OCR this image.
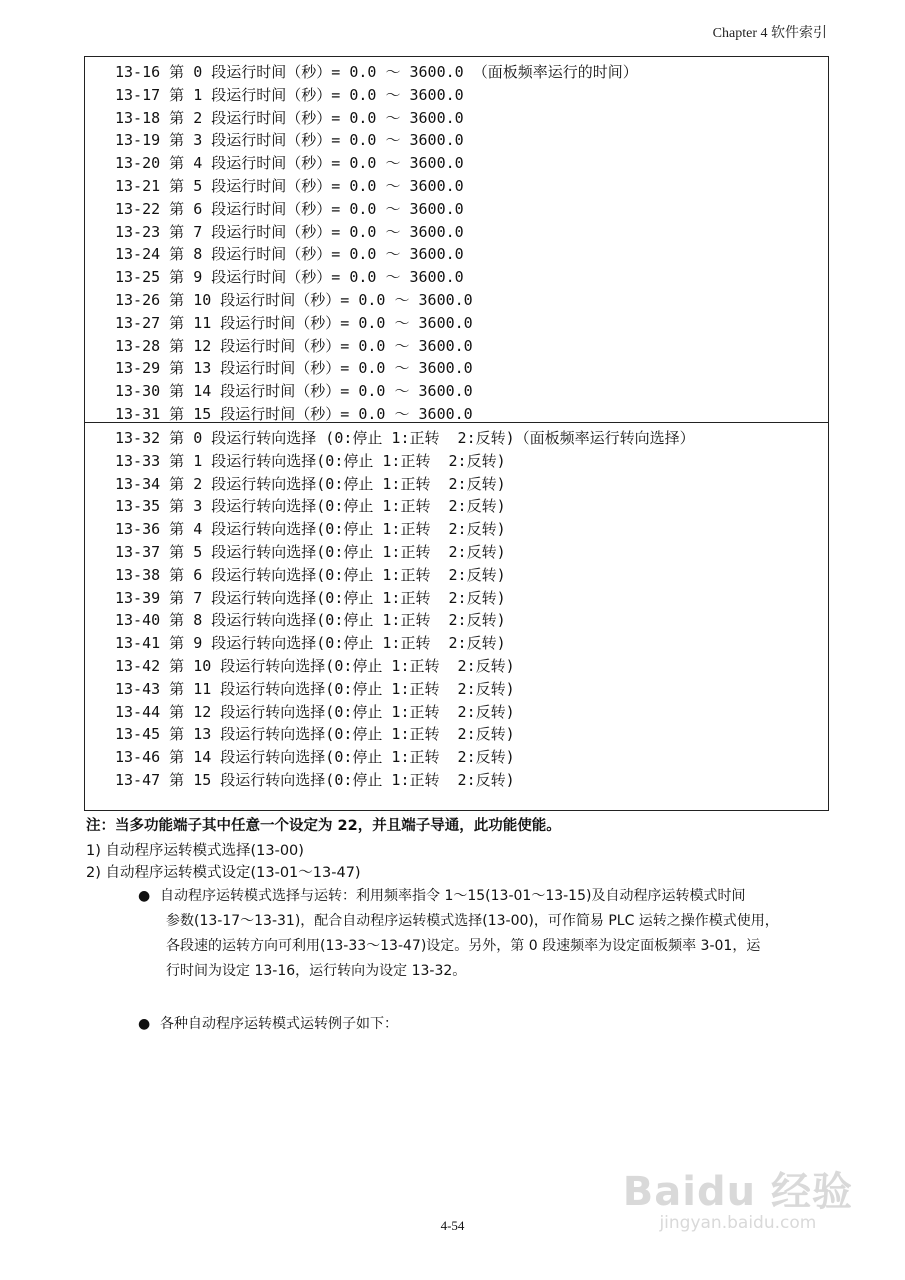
Chapter 4 软件索引
13-16 第 0 段运行时间（秒）= 0.0 ～ 3600.0 （面板频率运行的时间）
13-17 第 1 段运行时间（秒）= 0.0 ～ 3600.0
13-18 第 2 段运行时间（秒）= 0.0 ～ 3600.0
13-19 第 3 段运行时间（秒）= 0.0 ～ 3600.0
13-20 第 4 段运行时间（秒）= 0.0 ～ 3600.0
13-21 第 5 段运行时间（秒）= 0.0 ～ 3600.0
13-22 第 6 段运行时间（秒）= 0.0 ～ 3600.0
13-23 第 7 段运行时间（秒）= 0.0 ～ 3600.0
13-24 第 8 段运行时间（秒）= 0.0 ～ 3600.0
13-25 第 9 段运行时间（秒）= 0.0 ～ 3600.0
13-26 第 10 段运行时间（秒）= 0.0 ～ 3600.0
13-27 第 11 段运行时间（秒）= 0.0 ～ 3600.0
13-28 第 12 段运行时间（秒）= 0.0 ～ 3600.0
13-29 第 13 段运行时间（秒）= 0.0 ～ 3600.0
13-30 第 14 段运行时间（秒）= 0.0 ～ 3600.0
13-31 第 15 段运行时间（秒）= 0.0 ～ 3600.0
13-32 第 0 段运行转向选择 (0:停止 1:正转  2:反转)（面板频率运行转向选择）
13-33 第 1 段运行转向选择(0:停止 1:正转  2:反转)
13-34 第 2 段运行转向选择(0:停止 1:正转  2:反转)
13-35 第 3 段运行转向选择(0:停止 1:正转  2:反转)
13-36 第 4 段运行转向选择(0:停止 1:正转  2:反转)
13-37 第 5 段运行转向选择(0:停止 1:正转  2:反转)
13-38 第 6 段运行转向选择(0:停止 1:正转  2:反转)
13-39 第 7 段运行转向选择(0:停止 1:正转  2:反转)
13-40 第 8 段运行转向选择(0:停止 1:正转  2:反转)
13-41 第 9 段运行转向选择(0:停止 1:正转  2:反转)
13-42 第 10 段运行转向选择(0:停止 1:正转  2:反转)
13-43 第 11 段运行转向选择(0:停止 1:正转  2:反转)
13-44 第 12 段运行转向选择(0:停止 1:正转  2:反转)
13-45 第 13 段运行转向选择(0:停止 1:正转  2:反转)
13-46 第 14 段运行转向选择(0:停止 1:正转  2:反转)
13-47 第 15 段运行转向选择(0:停止 1:正转  2:反转)
注：当多功能端子其中任意一个设定为 22，并且端子导通，此功能使能。
1) 自动程序运转模式选择(13-00)
2) 自动程序运转模式设定(13-01～13-47)
● 自动程序运转模式选择与运转：利用频率指令 1～15(13-01～13-15)及自动程序运转模式时间
参数(13-17～13-31)，配合自动程序运转模式选择(13-00)，可作简易 PLC 运转之操作模式使用，
各段速的运转方向可利用(13-33～13-47)设定。另外，第 0 段速频率为设定面板频率 3-01，运
行时间为设定 13-16，运行转向为设定 13-32。
● 各种自动程序运转模式运转例子如下：
Baidu 经验
jingyan.baidu.com
4-54
